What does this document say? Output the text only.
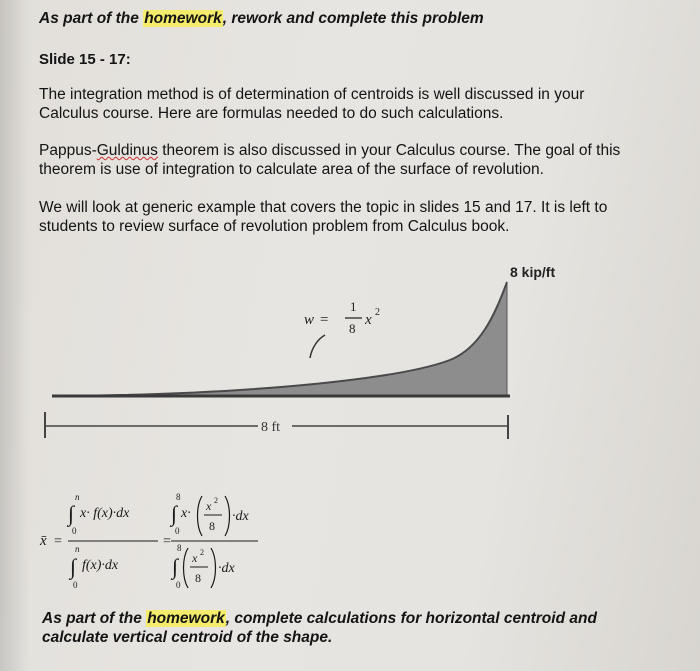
As part of the homework, rework and complete this problem
Slide 15 - 17:
The integration method is of determination of centroids is well discussed in your
Calculus course. Here are formulas needed to do such calculations.
Pappus-Guldinus theorem is also discussed in your Calculus course. The goal of this
theorem is use of integration to calculate area of the surface of revolution.
We will look at generic example that covers the topic in slides 15 and 17. It is left to
students to review surface of revolution problem from Calculus book.
w =
1
8
x 2
8 kip/ft
8 ft
x̄ =
n
∫
0
x· f(x)·dx
n
∫
0
f(x)·dx
=
8
∫
0
x· x 2
8
·dx
8
∫
0
x 2
8
·dx
As part of the homework, complete calculations for horizontal centroid and
calculate vertical centroid of the shape.
